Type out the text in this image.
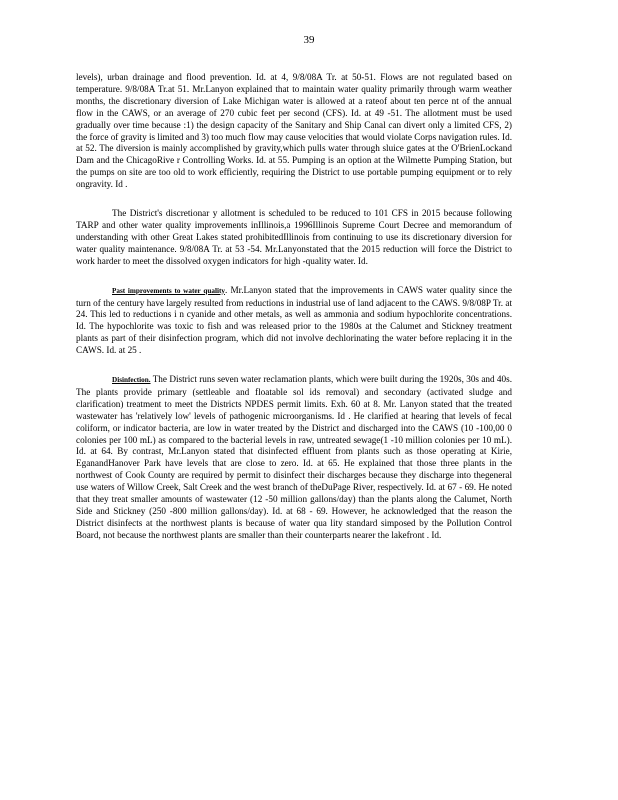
39

levels), urban drainage and flood prevention. Id. at 4, 9/8/08A Tr. at 50-51. Flows are not regulated based on temperature. 9/8/08A Tr.at 51. Mr.Lanyon explained that to maintain water quality primarily through warm weather months, the discretionary diversion of Lake Michigan water is allowed at a rateof about ten perce nt of the annual flow in the CAWS, or an average of 270 cubic feet per second (CFS). Id. at 49 -51. The allotment must be used gradually over time because :1) the design capacity of the Sanitary and Ship Canal can divert only a limited CFS, 2) the force of gravity is limited and 3) too much flow may cause velocities that would violate Corps navigation rules. Id. at 52. The diversion is mainly accomplished by gravity,which pulls water through sluice gates at the O'BrienLockand Dam and the ChicagoRive r Controlling Works. Id. at 55. Pumping is an option at the Wilmette Pumping Station, but the pumps on site are too old to work efficiently, requiring the District to use portable pumping equipment or to rely ongravity. Id .

The District's discretionar y allotment is scheduled to be reduced to 101 CFS in 2015 because following TARP and other water quality improvements inIllinois,a 1996Illinois Supreme Court Decree and memorandum of understanding with other Great Lakes stated prohibitedIllinois from continuing to use its discretionary diversion for water quality maintenance. 9/8/08A Tr. at 53 -54. Mr.Lanyonstated that the 2015 reduction will force the District to work harder to meet the dissolved oxygen indicators for high -quality water. Id.

Past improvements to water quality. Mr.Lanyon stated that the improvements in CAWS water quality since the turn of the century have largely resulted from reductions in industrial use of land adjacent to the CAWS. 9/8/08P Tr. at 24. This led to reductions i n cyanide and other metals, as well as ammonia and sodium hypochlorite concentrations. Id. The hypochlorite was toxic to fish and was released prior to the 1980s at the Calumet and Stickney treatment plants as part of their disinfection program, which did not involve dechlorinating the water before replacing it in the CAWS. Id. at 25 .

Disinfection. The District runs seven water reclamation plants, which were built during the 1920s, 30s and 40s. The plants provide primary (settleable and floatable sol ids removal) and secondary (activated sludge and clarification) treatment to meet the Districts NPDES permit limits. Exh. 60 at 8. Mr. Lanyon stated that the treated wastewater has 'relatively low' levels of pathogenic microorganisms. Id . He clarified at hearing that levels of fecal coliform, or indicator bacteria, are low in water treated by the District and discharged into the CAWS (10 -100,00 0 colonies per 100 mL) as compared to the bacterial levels in raw, untreated sewage(1 -10 million colonies per 10 mL). Id. at 64. By contrast, Mr.Lanyon stated that disinfected effluent from plants such as those operating at Kirie, EganandHanover Park have levels that are close to zero. Id. at 65. He explained that those three plants in the northwest of Cook County are required by permit to disinfect their discharges because they discharge into thegeneral use waters of Willow Creek, Salt Creek and the west branch of theDuPage River, respectively. Id. at 67 - 69. He noted that they treat smaller amounts of wastewater (12 -50 million gallons/day) than the plants along the Calumet, North Side and Stickney (250 -800 million gallons/day). Id. at 68 - 69. However, he acknowledged that the reason the District disinfects at the northwest plants is because of water qua lity standard simposed by the Pollution Control Board, not because the northwest plants are smaller than their counterparts nearer the lakefront . Id.
